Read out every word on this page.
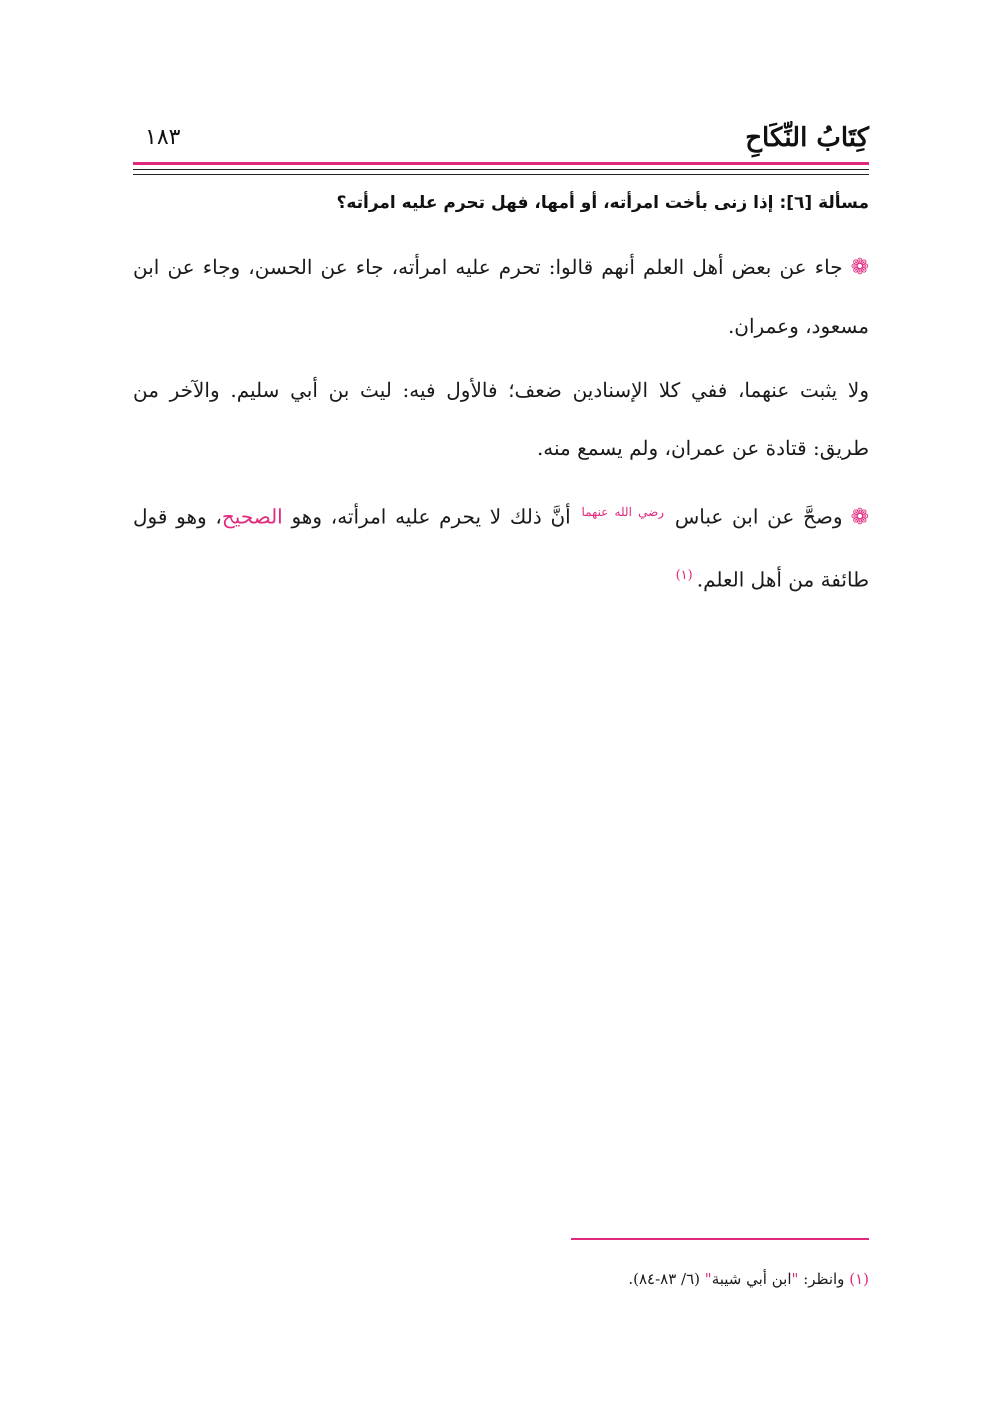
كِتَابُ النِّكَاحِ
١٨٣

مسألة [٦]: إذا زنى بأخت امرأته، أو أمها، فهل تحرم عليه امرأته؟

❁جاء عن بعض أهل العلم أنهم قالوا: تحرم عليه امرأته، جاء عن الحسن، وجاء عن ابن مسعود، وعمران.

ولا يثبت عنهما، ففي كلا الإسنادين ضعف؛ فالأول فيه: ليث بن أبي سليم. والآخر من طريق: قتادة عن عمران، ولم يسمع منه.

❁وصحَّ عن ابن عباس $^{رضي الله عنهما}$ أنَّ ذلك لا يحرم عليه امرأته، وهو الصحيح، وهو قول طائفة من أهل العلم.$^{(١)}$

(١) وانظر: "ابن أبي شيبة" (٦/ ٨٣-٨٤).
